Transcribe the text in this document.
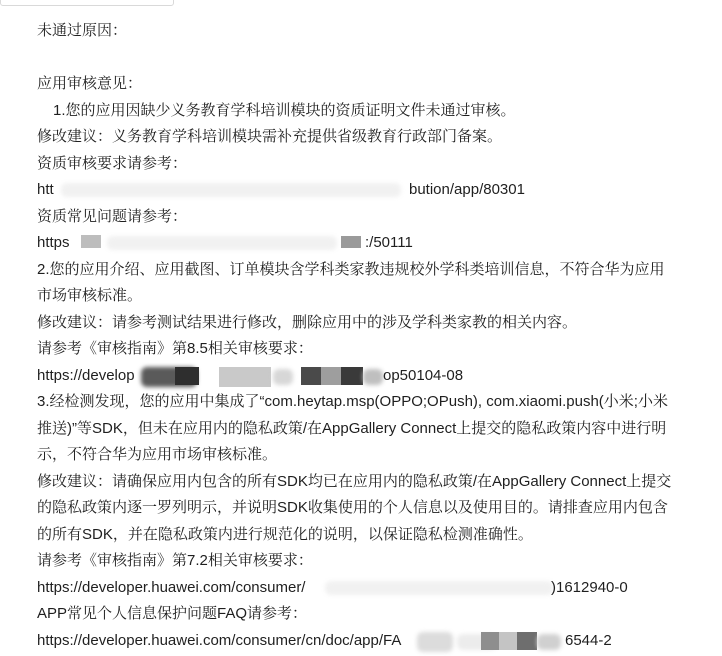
未通过原因：
应用审核意见：
1.您的应用因缺少义务教育学科培训模块的资质证明文件未通过审核。
修改建议：义务教育学科培训模块需补充提供省级教育行政部门备案。
资质审核要求请参考：
htt	bution/app/80301
资质常见问题请参考：
https	:/50111
2.您的应用介绍、应用截图、订单模块含学科类家教违规校外学科类培训信息，不符合华为应用市场审核标准。
修改建议：请参考测试结果进行修改，删除应用中的涉及学科类家教的相关内容。
请参考《审核指南》第8.5相关审核要求：
https://develop	op50104-08
3.经检测发现，您的应用中集成了“com.heytap.msp(OPPO;OPush), com.xiaomi.push(小米;小米推送)”等SDK，但未在应用内的隐私政策/在AppGallery Connect上提交的隐私政策内容中进行明示，不符合华为应用市场审核标准。
修改建议：请确保应用内包含的所有SDK均已在应用内的隐私政策/在AppGallery Connect上提交的隐私政策内逐一罗列明示，并说明SDK收集使用的个人信息以及使用目的。请排查应用内包含的所有SDK，并在隐私政策内进行规范化的说明，以保证隐私检测准确性。
请参考《审核指南》第7.2相关审核要求：
https://developer.huawei.com/consumer/	)1612940-0
APP常见个人信息保护问题FAQ请参考：
https://developer.huawei.com/consumer/cn/doc/app/FA	6544-2
